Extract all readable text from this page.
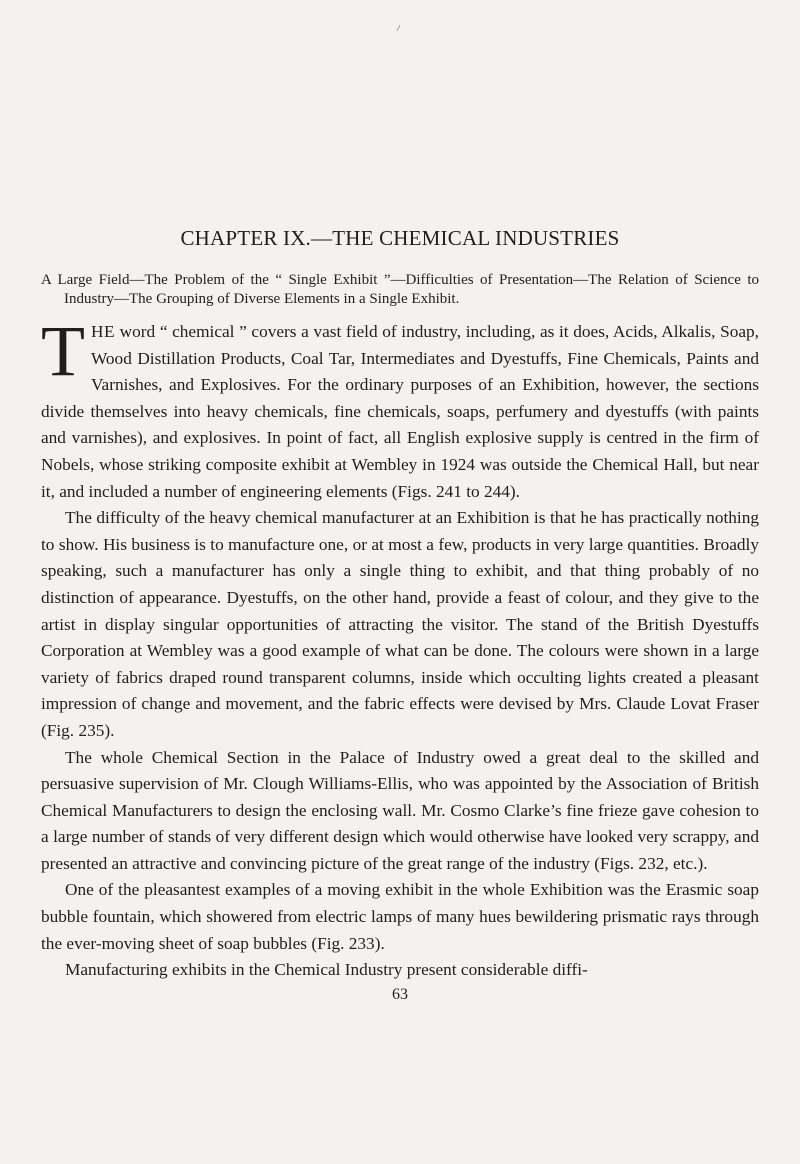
CHAPTER IX.—THE CHEMICAL INDUSTRIES

A Large Field—The Problem of the “ Single Exhibit ”—Difficulties of Presentation—The Relation of Science to Industry—The Grouping of Diverse Elements in a Single Exhibit.

THE word “ chemical ” covers a vast field of industry, including, as it does, Acids, Alkalis, Soap, Wood Distillation Products, Coal Tar, Intermediates and Dyestuffs, Fine Chemicals, Paints and Varnishes, and Explosives. For the ordinary purposes of an Exhibition, however, the sections divide themselves into heavy chemicals, fine chemicals, soaps, perfumery and dyestuffs (with paints and varnishes), and explosives. In point of fact, all English explosive supply is centred in the firm of Nobels, whose striking composite exhibit at Wembley in 1924 was outside the Chemical Hall, but near it, and included a number of engineering elements (Figs. 241 to 244).

The difficulty of the heavy chemical manufacturer at an Exhibition is that he has practically nothing to show. His business is to manufacture one, or at most a few, products in very large quantities. Broadly speaking, such a manufacturer has only a single thing to exhibit, and that thing probably of no distinction of appearance. Dyestuffs, on the other hand, provide a feast of colour, and they give to the artist in display singular opportunities of attracting the visitor. The stand of the British Dyestuffs Corporation at Wembley was a good example of what can be done. The colours were shown in a large variety of fabrics draped round transparent columns, inside which occulting lights created a pleasant impression of change and movement, and the fabric effects were devised by Mrs. Claude Lovat Fraser (Fig. 235).

The whole Chemical Section in the Palace of Industry owed a great deal to the skilled and persuasive supervision of Mr. Clough Williams-Ellis, who was appointed by the Association of British Chemical Manufacturers to design the enclosing wall. Mr. Cosmo Clarke’s fine frieze gave cohesion to a large number of stands of very different design which would otherwise have looked very scrappy, and presented an attractive and convincing picture of the great range of the industry (Figs. 232, etc.).

One of the pleasantest examples of a moving exhibit in the whole Exhibition was the Erasmic soap bubble fountain, which showered from electric lamps of many hues bewildering prismatic rays through the ever-moving sheet of soap bubbles (Fig. 233).

Manufacturing exhibits in the Chemical Industry present considerable diffi-

63
